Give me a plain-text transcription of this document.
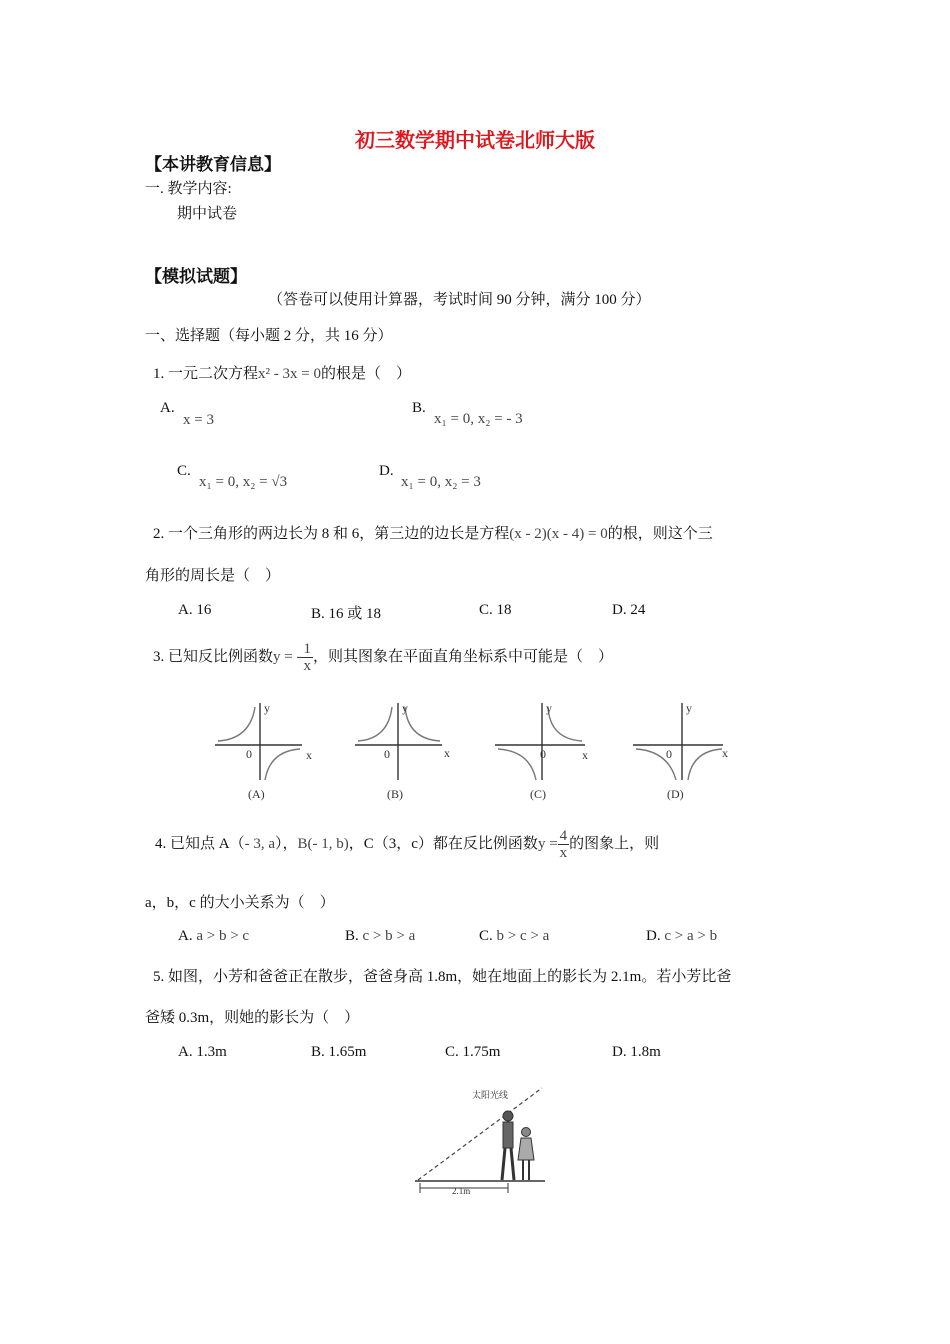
初三数学期中试卷北师大版
【本讲教育信息】
一. 教学内容:
期中试卷
【模拟试题】
（答卷可以使用计算器，考试时间 90 分钟，满分 100 分）
一、选择题（每小题 2 分，共 16 分）
1. 一元二次方程x² - 3x = 0的根是（　）
A.
x = 3
B.
x₁ = 0, x₂ = - 3
C.
x₁ = 0, x₂ = √3
D.
x₁ = 0, x₂ = 3
2. 一个三角形的两边长为 8 和 6，第三边的边长是方程(x - 2)(x - 4) = 0的根，则这个三
角形的周长是（　）
A. 16	B. 16 或 18	C. 18	D. 24
3. 已知反比例函数y = - $\frac{1}{x}$ ，则其图象在平面直角坐标系中可能是（　）
y
x
0
(A)
y
x
0
(B)
y
x
0
(C)
y
x
0
(D)
4. 已知点 A（- 3, a），B(- 1, b)，C（3，c）都在反比例函数$y = \frac{4}{x}$ 的图象上，则
a，b，c 的大小关系为（　）
A. a > b > c	B. c > b > a	C. b > c > a	D. c > a > b
5. 如图，小芳和爸爸正在散步，爸爸身高 1.8m，她在地面上的影长为 2.1m。若小芳比爸
爸矮 0.3m，则她的影长为（　）
A. 1.3m	B. 1.65m	C. 1.75m	D. 1.8m
太阳光线
2.1m
